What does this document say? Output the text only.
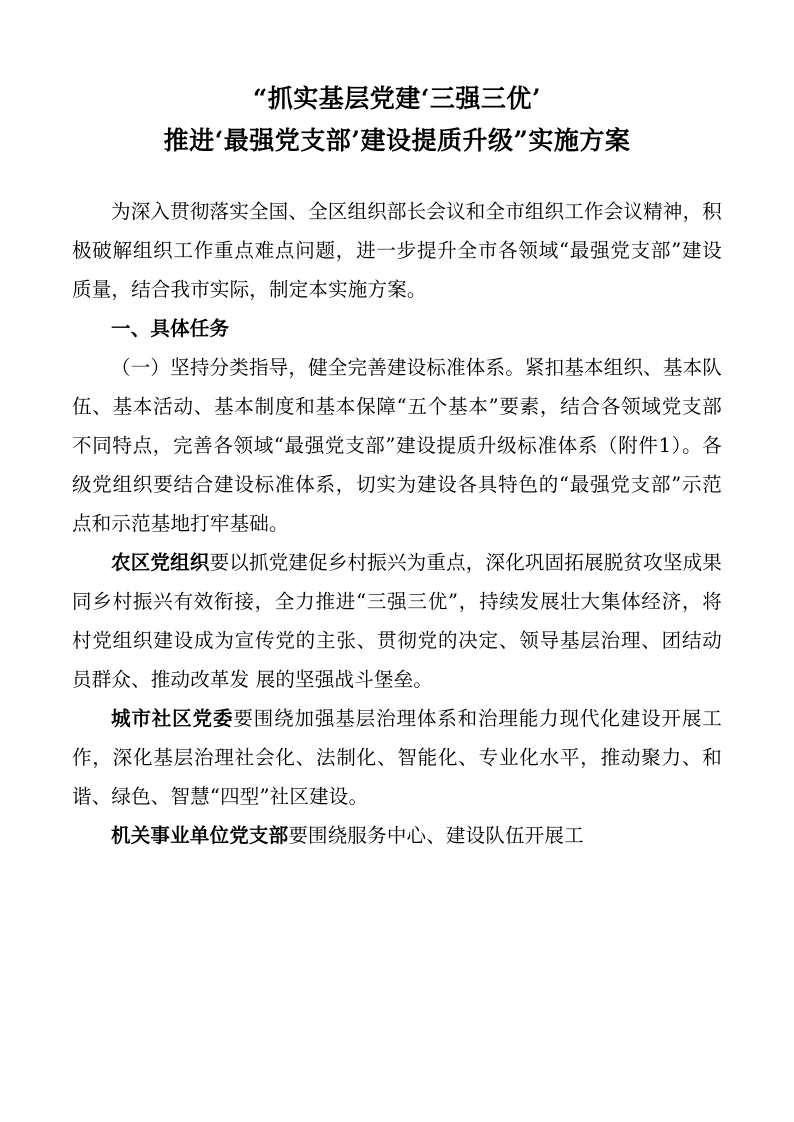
“抓实基层党建‘三强三优’
推进‘最强党支部’建设提质升级”实施方案

为深入贯彻落实全国、全区组织部长会议和全市组织工作会议精神，积极破解组织工作重点难点问题，进一步提升全市各领域“最强党支部”建设质量，结合我市实际，制定本实施方案。

一、具体任务

（一）坚持分类指导，健全完善建设标准体系。紧扣基本组织、基本队伍、基本活动、基本制度和基本保障“五个基本”要素，结合各领域党支部不同特点，完善各领域“最强党支部”建设提质升级标准体系（附件1）。各级党组织要结合建设标准体系，切实为建设各具特色的“最强党支部”示范点和示范基地打牢基础。

农区党组织要以抓党建促乡村振兴为重点，深化巩固拓展脱贫攻坚成果同乡村振兴有效衔接，全力推进“三强三优”，持续发展壮大集体经济，将村党组织建设成为宣传党的主张、贯彻党的决定、领导基层治理、团结动员群众、推动改革发 展的坚强战斗堡垒。

城市社区党委要围绕加强基层治理体系和治理能力现代化建设开展工作，深化基层治理社会化、法制化、智能化、专业化水平，推动聚力、和谐、绿色、智慧“四型”社区建设。

机关事业单位党支部要围绕服务中心、建设队伍开展工
